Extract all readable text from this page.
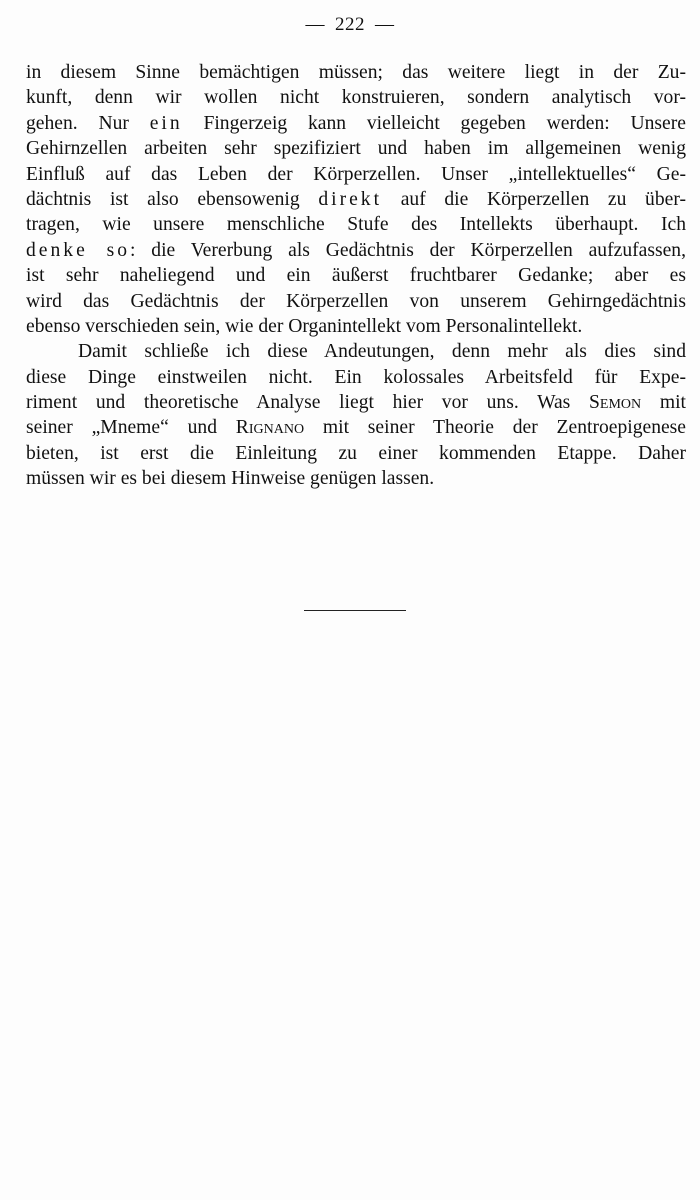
— 222 —
in diesem Sinne bemächtigen müssen; das weitere liegt in der Zu-
kunft, denn wir wollen nicht konstruieren, sondern analytisch vor-
gehen. Nur ein Fingerzeig kann vielleicht gegeben werden: Unsere
Gehirnzellen arbeiten sehr spezifiziert und haben im allgemeinen wenig
Einfluß auf das Leben der Körperzellen. Unser „intellektuelles“ Ge-
dächtnis ist also ebensowenig direkt auf die Körperzellen zu über-
tragen, wie unsere menschliche Stufe des Intellekts überhaupt. Ich
denke so: die Vererbung als Gedächtnis der Körperzellen aufzufassen,
ist sehr naheliegend und ein äußerst fruchtbarer Gedanke; aber es
wird das Gedächtnis der Körperzellen von unserem Gehirngedächtnis
ebenso verschieden sein, wie der Organintellekt vom Personalintellekt.
Damit schließe ich diese Andeutungen, denn mehr als dies sind
diese Dinge einstweilen nicht. Ein kolossales Arbeitsfeld für Expe-
riment und theoretische Analyse liegt hier vor uns. Was Semon mit
seiner „Mneme“ und Rignano mit seiner Theorie der Zentroepigenese
bieten, ist erst die Einleitung zu einer kommenden Etappe. Daher
müssen wir es bei diesem Hinweise genügen lassen.
